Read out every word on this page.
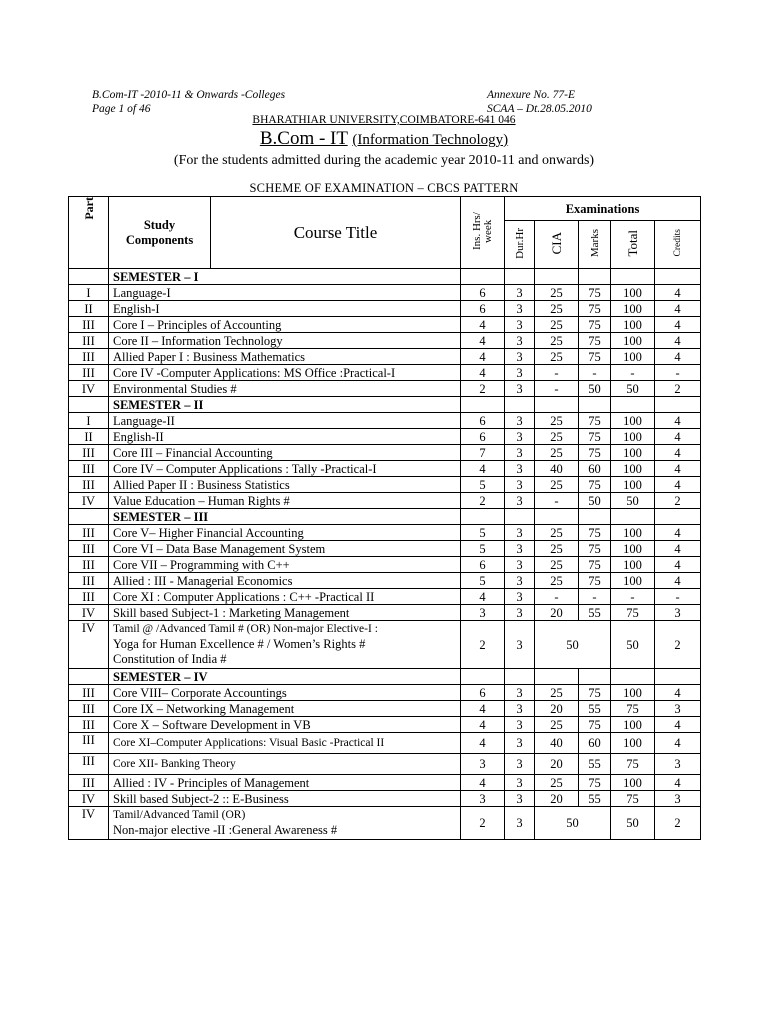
B.Com-IT -2010-11 & Onwards -Colleges
Page 1 of 46
Annexure No. 77-E
SCAA – Dt.28.05.2010
BHARATHIAR UNIVERSITY,COIMBATORE-641 046
B.Com - IT (Information Technology)
(For the students admitted during the academic year 2010-11 and onwards)
SCHEME OF EXAMINATION – CBCS PATTERN
Part	Study Components	Course Title	Ins. Hrs/ week	Examinations				
				Dur.Hr	CIA	Marks	Total	Credits
	SEMESTER – I							
I	Language-I		6	3	25	75	100	4
II	English-I		6	3	25	75	100	4
III	Core I – Principles of Accounting		4	3	25	75	100	4
III	Core II – Information Technology		4	3	25	75	100	4
III	Allied Paper I : Business Mathematics		4	3	25	75	100	4
III	Core IV -Computer Applications: MS Office :Practical-I		4	3	-	-	-	-
IV	Environmental Studies #		2	3	-	50	50	2
	SEMESTER – II							
I	Language-II		6	3	25	75	100	4
II	English-II		6	3	25	75	100	4
III	Core III – Financial Accounting		7	3	25	75	100	4
III	Core IV – Computer Applications : Tally -Practical-I		4	3	40	60	100	4
III	Allied Paper II : Business Statistics		5	3	25	75	100	4
IV	Value Education – Human Rights #		2	3	-	50	50	2
	SEMESTER – III							
III	Core V– Higher Financial Accounting		5	3	25	75	100	4
III	Core VI – Data Base Management System		5	3	25	75	100	4
III	Core VII – Programming with C++		6	3	25	75	100	4
III	Allied : III - Managerial Economics		5	3	25	75	100	4
III	Core XI : Computer Applications : C++ -Practical II		4	3	-	-	-	-
IV	Skill based Subject-1 : Marketing Management		3	3	20	55	75	3
IV	Tamil @ /Advanced Tamil # (OR) Non-major Elective-I :
Yoga for Human Excellence # / Women’s Rights #
Constitution of India #		2	3	50		50	2
	SEMESTER – IV							
III	Core VIII– Corporate Accountings		6	3	25	75	100	4
III	Core IX – Networking Management		4	3	20	55	75	3
III	Core X – Software Development in VB		4	3	25	75	100	4
III	Core XI–Computer Applications: Visual Basic -Practical II		4	3	40	60	100	4
III	Core XII- Banking Theory		3	3	20	55	75	3
III	Allied : IV - Principles of Management		4	3	25	75	100	4
IV	Skill based Subject-2 :: E-Business		3	3	20	55	75	3
IV	Tamil/Advanced Tamil (OR)
Non-major elective -II :General Awareness #		2	3	50		50	2
